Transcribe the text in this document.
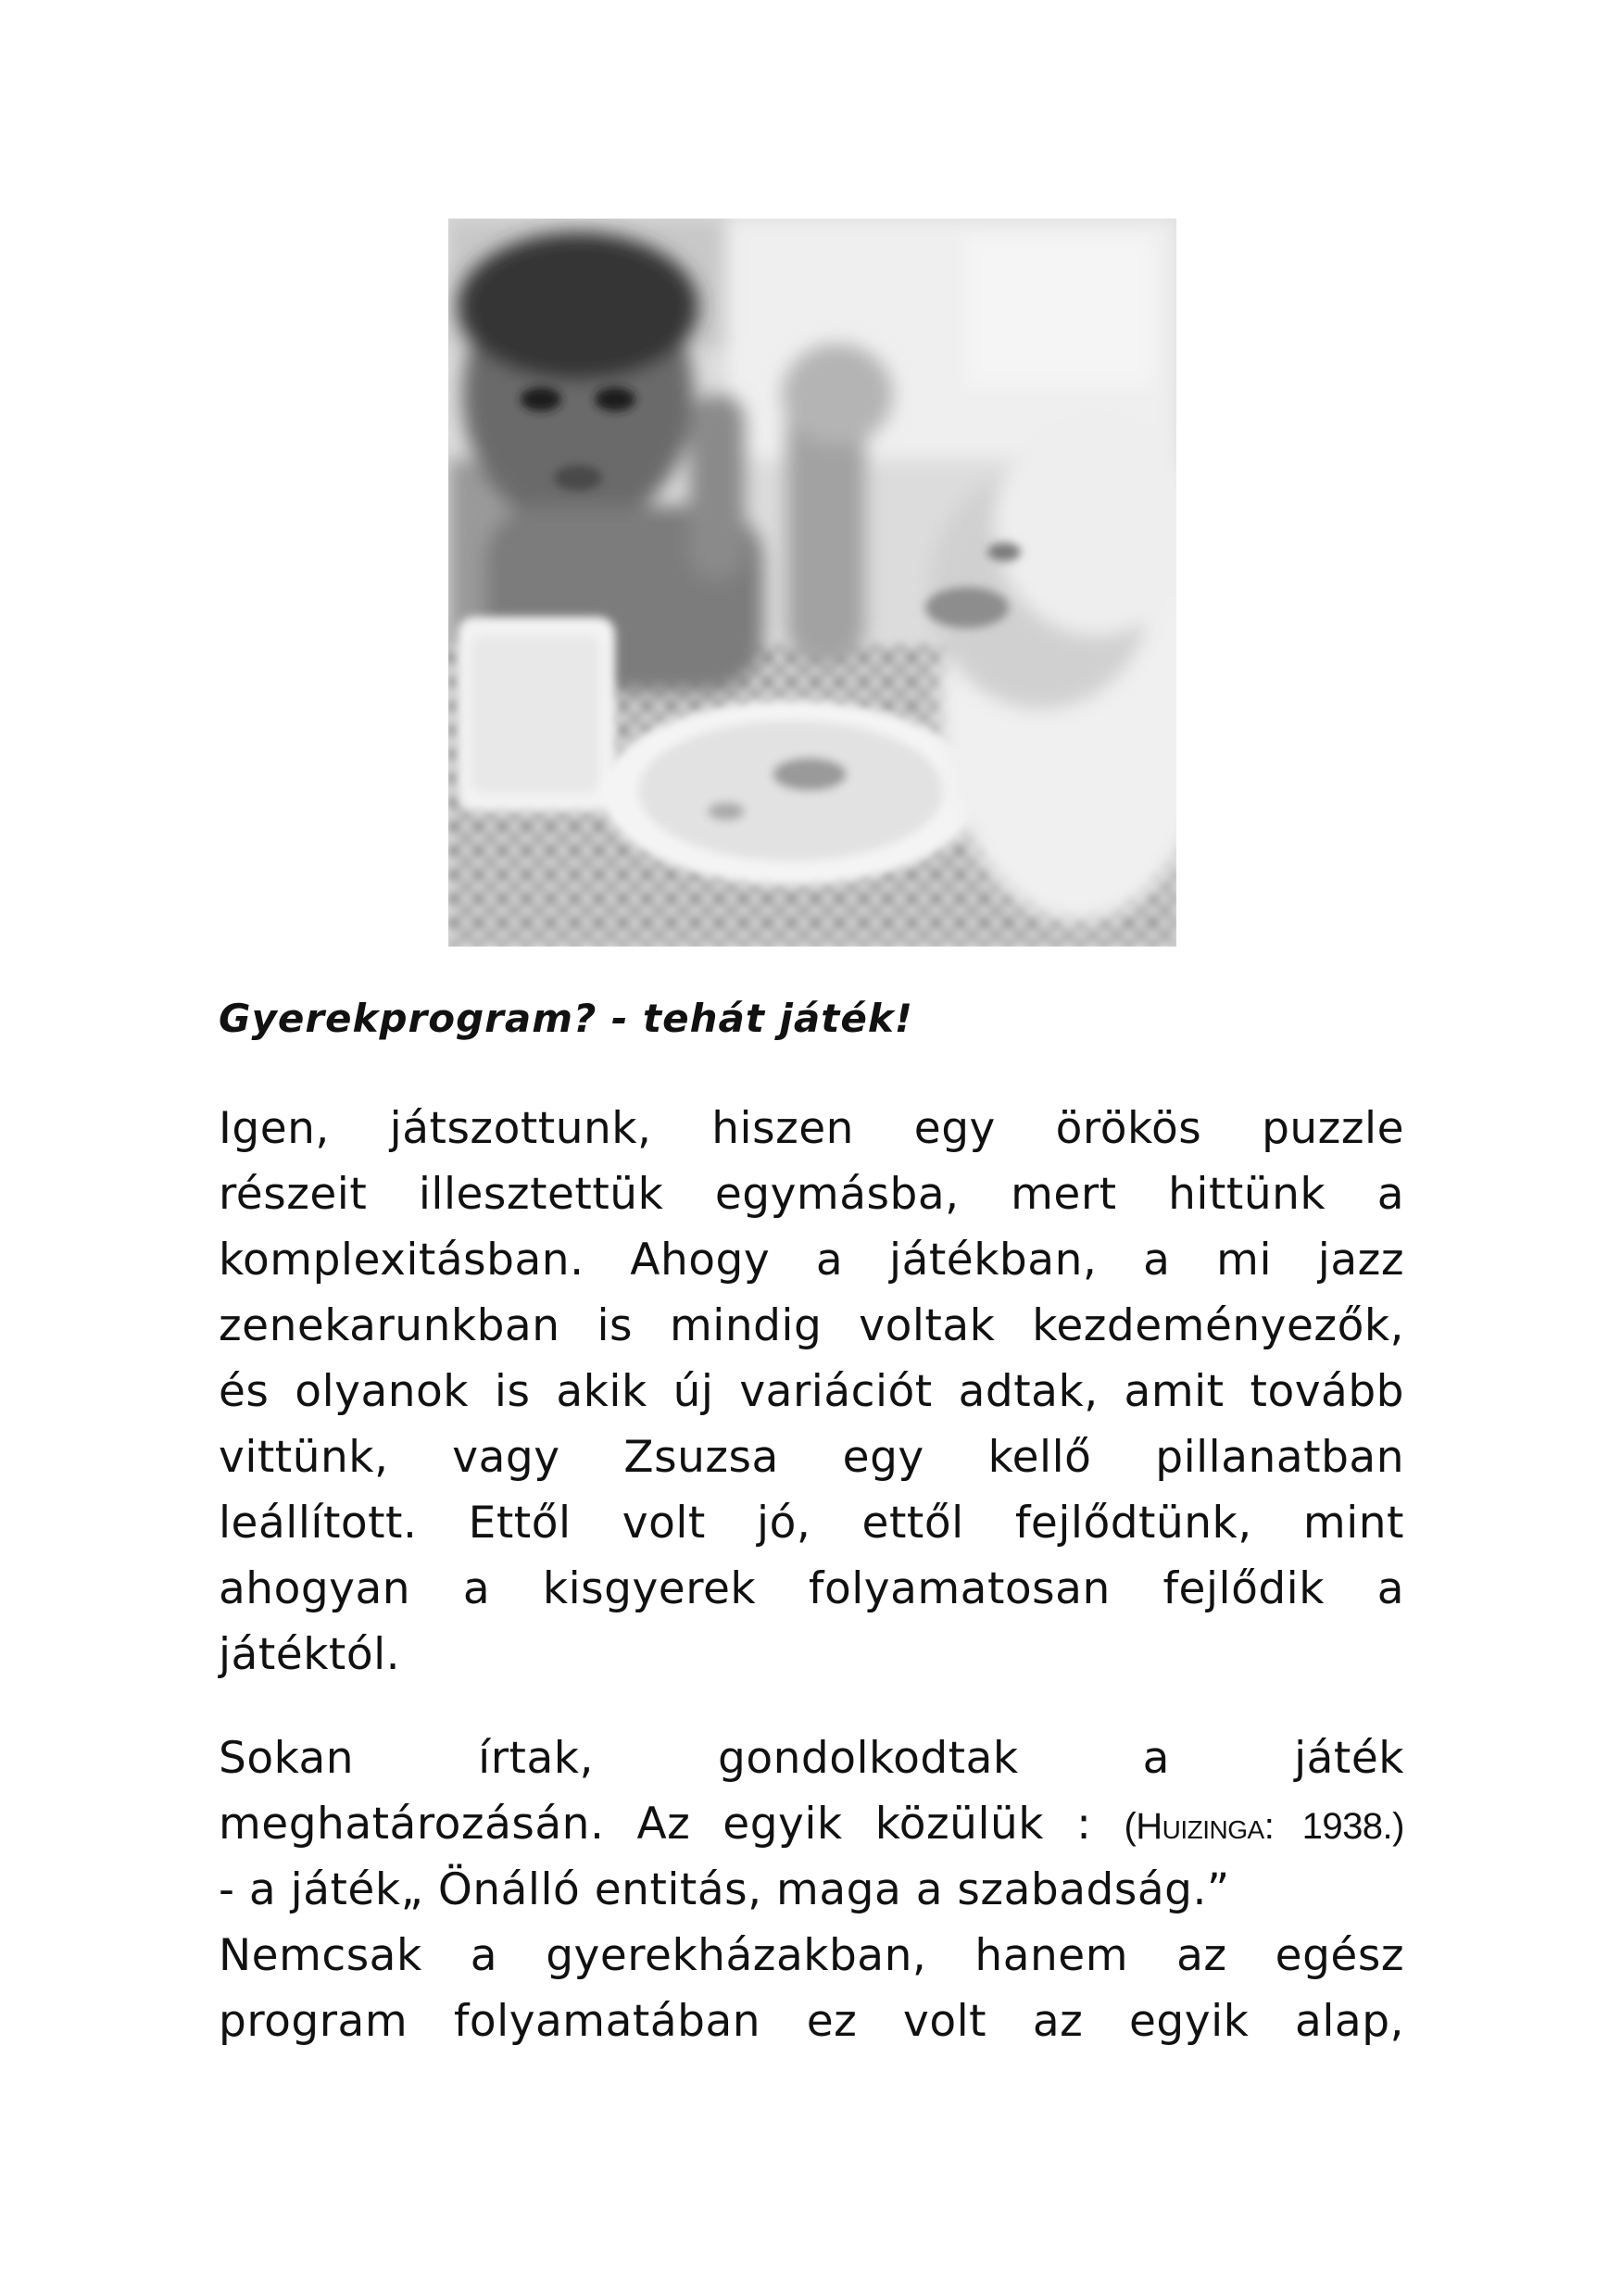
Gyerekprogram? - tehát játék!

Igen, játszottunk, hiszen egy örökös puzzle
részeit illesztettük egymásba, mert hittünk a
komplexitásban. Ahogy a játékban, a mi jazz
zenekarunkban is mindig voltak kezdeményezők,
és olyanok is akik új variációt adtak, amit tovább
vittünk, vagy Zsuzsa egy kellő pillanatban
leállított. Ettől volt jó, ettől fejlődtünk, mint
ahogyan a kisgyerek folyamatosan fejlődik a
játéktól.

Sokan írtak, gondolkodtak a játék
meghatározásán. Az egyik közülük : (Huizinga: 1938.)
- a játék„ Önálló entitás, maga a szabadság.”
Nemcsak a gyerekházakban, hanem az egész
program folyamatában ez volt az egyik alap,
